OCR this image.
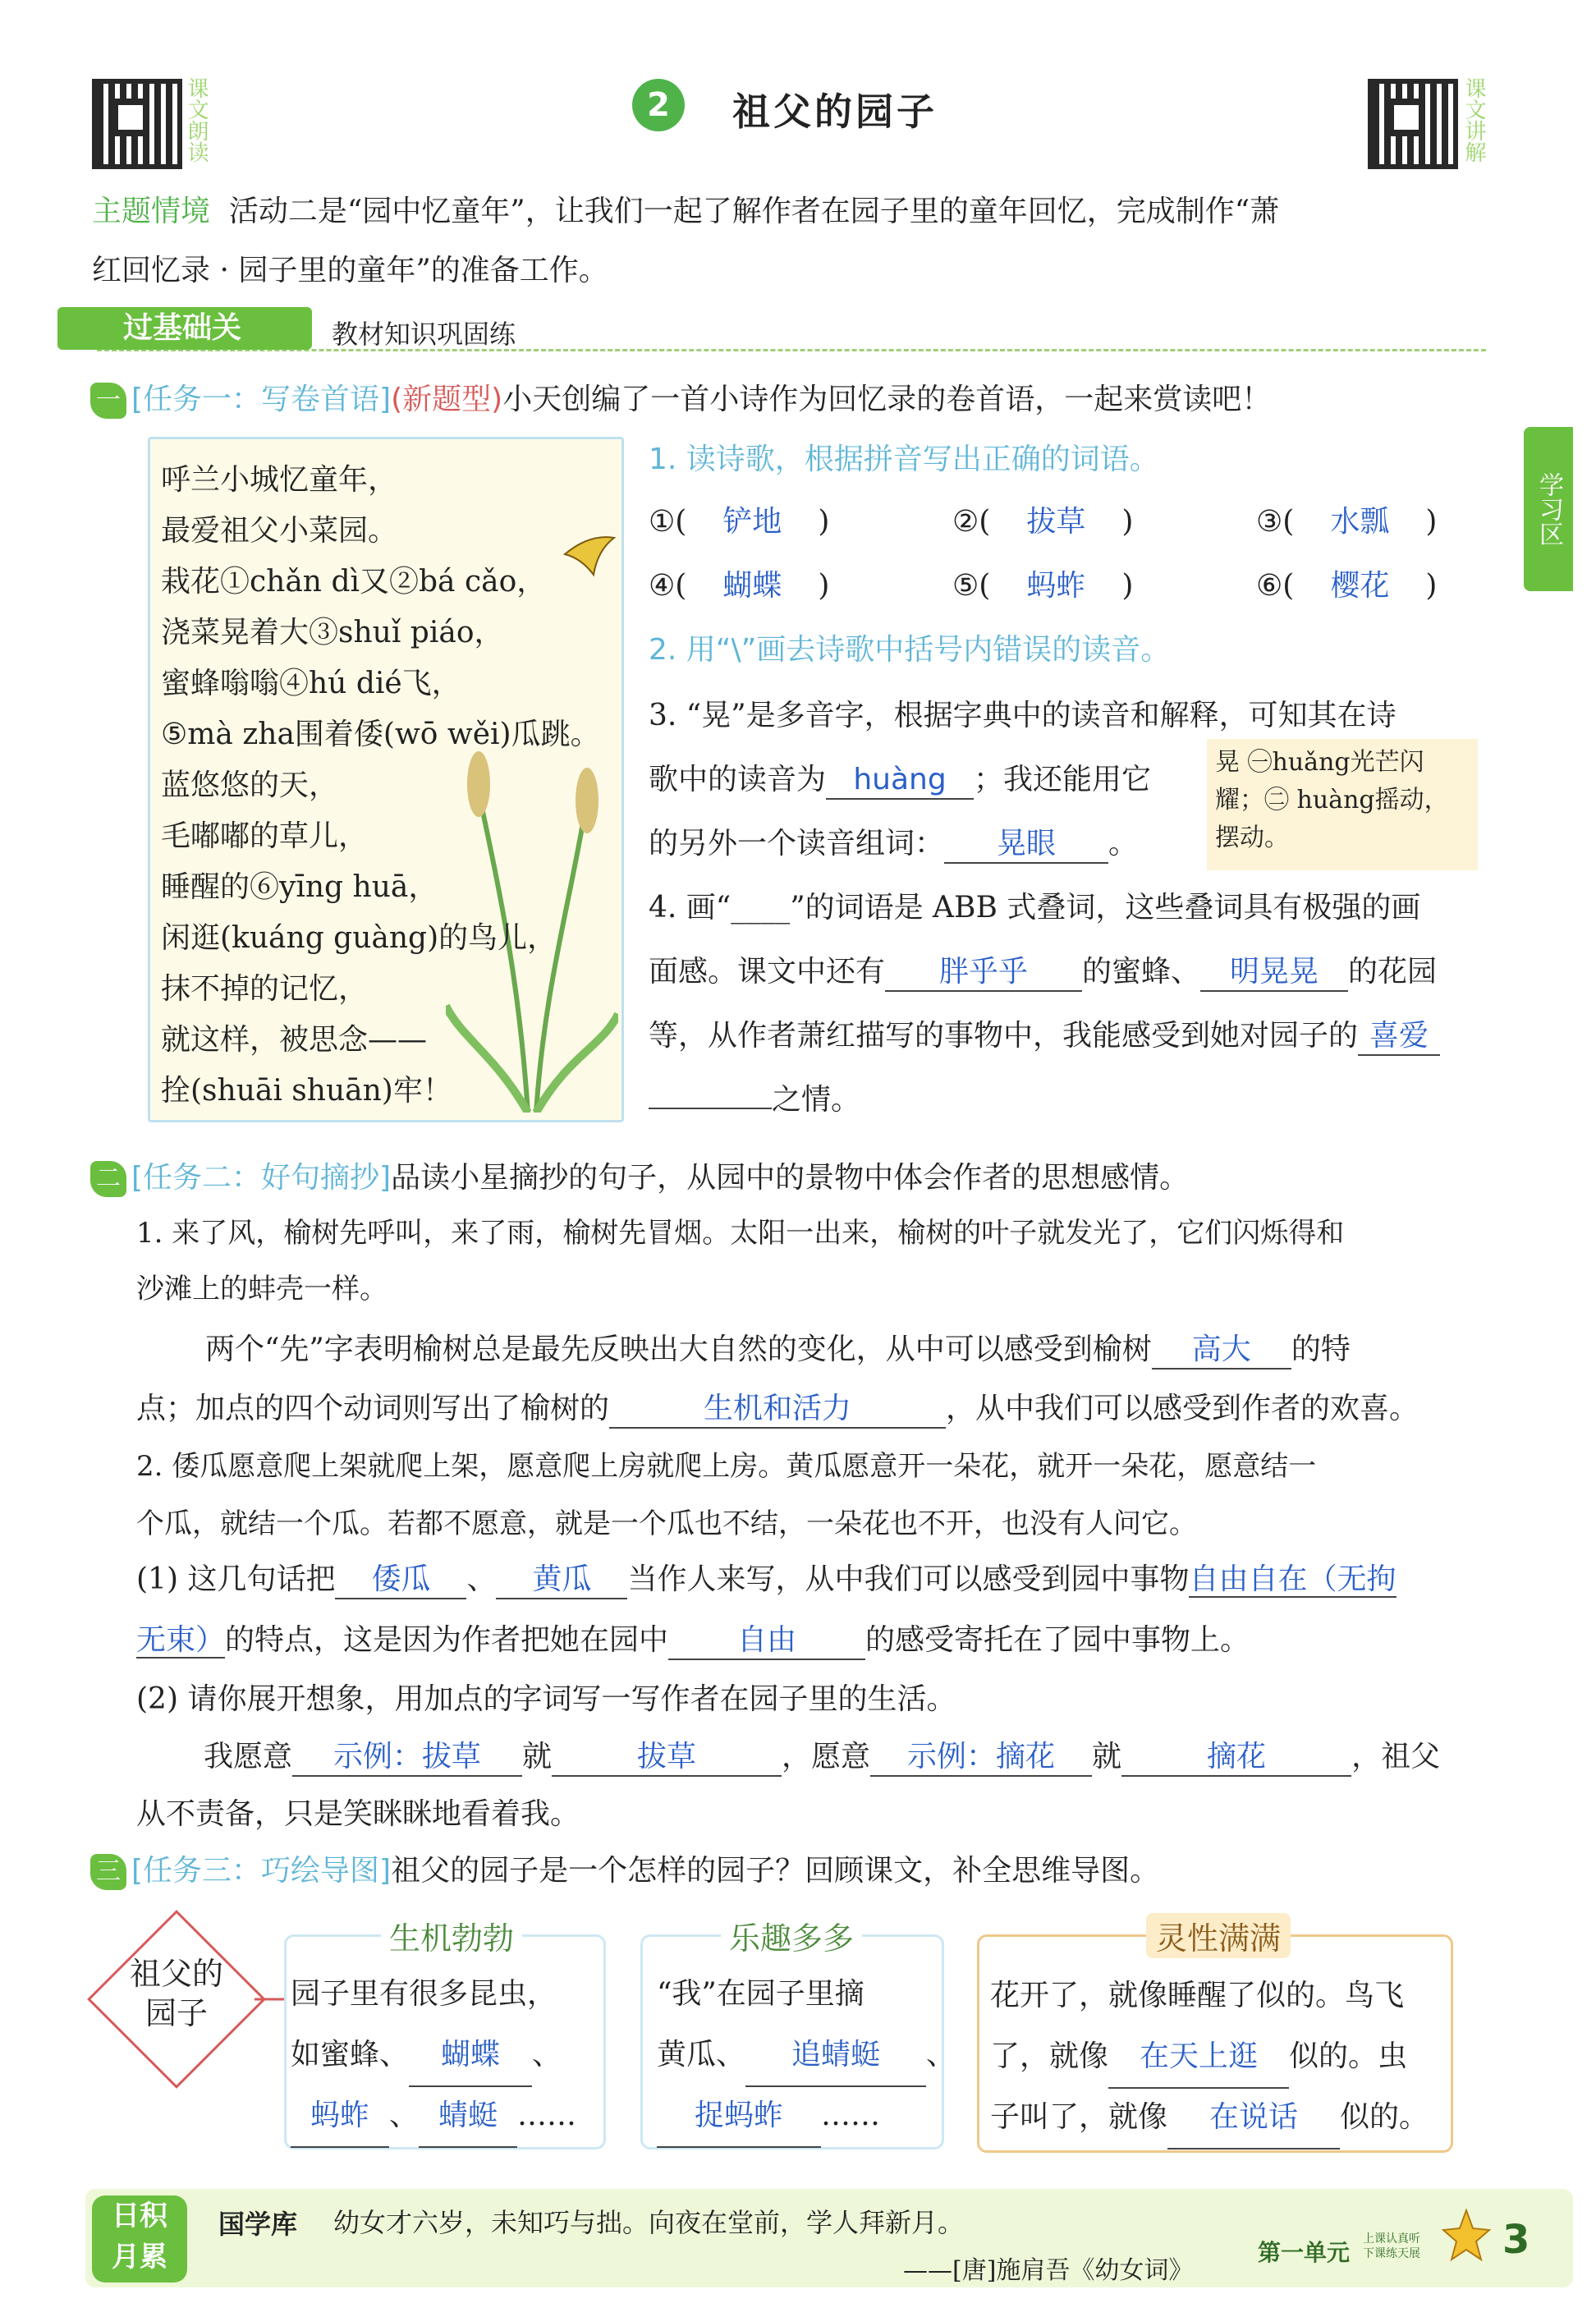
课文朗读	课文讲解
2	祖父的园子
主题情境 活动二是“园中忆童年”，让我们一起了解作者在园子里的童年回忆，完成制作“萧
红回忆录 · 园子里的童年”的准备工作。
过基础关	教材知识巩固练
学习区
一 [任务一：写卷首语](新题型)小天创编了一首小诗作为回忆录的卷首语，一起来赏读吧！
呼兰小城忆童年，
最爱祖父小菜园。
栽花①chǎn dì又②bá cǎo，
浇菜晃着大③shuǐ piáo，
蜜蜂嗡嗡④hú dié飞，
⑤mà zha围着倭(wō wěi)瓜跳。
蓝悠悠的天，
毛嘟嘟的草儿，
睡醒的⑥yīng huā，
闲逛(kuáng guàng)的鸟儿，
抹不掉的记忆，
就这样，被思念——
拴(shuāi shuān)牢！
1. 读诗歌，根据拼音写出正确的词语。
①( 铲地 )	②( 拔草 )	③( 水瓢 )
④( 蝴蝶 )	⑤( 蚂蚱 )	⑥( 樱花 )
2. 用“\”画去诗歌中括号内错误的读音。
3. “晃”是多音字，根据字典中的读音和解释，可知其在诗
歌中的读音为 huàng ；我还能用它
的另外一个读音组词： 晃眼 。
晃 ㊀huǎng光芒闪耀；㊁ huàng摇动，摆动。
4. 画“____”的词语是 ABB 式叠词，这些叠词具有极强的画
面感。课文中还有 胖乎乎 的蜜蜂、 明晃晃 的花园
等，从作者萧红描写的事物中，我能感受到她对园子的 喜爱
之情。
二 [任务二：好句摘抄]品读小星摘抄的句子，从园中的景物中体会作者的思想感情。
1. 来了风，榆树先呼叫，来了雨，榆树先冒烟。太阳一出来，榆树的叶子就发光了，它们闪烁得和
沙滩上的蚌壳一样。
两个“先”字表明榆树总是最先反映出大自然的变化，从中可以感受到榆树 高大 的特
点；加点的四个动词则写出了榆树的	生机和活力	，从中我们可以感受到作者的欢喜。
2. 倭瓜愿意爬上架就爬上架，愿意爬上房就爬上房。黄瓜愿意开一朵花，就开一朵花，愿意结一
个瓜，就结一个瓜。若都不愿意，就是一个瓜也不结，一朵花也不开，也没有人问它。
(1) 这几句话把 倭瓜 、 黄瓜 当作人来写，从中我们可以感受到园中事物自由自在（无拘
无束）的特点，这是因为作者把她在园中 自由 的感受寄托在了园中事物上。
(2) 请你展开想象，用加点的字词写一写作者在园子里的生活。
我愿意 示例：拔草 就	拔草	，愿意 示例：摘花 就	摘花	，祖父
从不责备，只是笑眯眯地看着我。
三 [任务三：巧绘导图]祖父的园子是一个怎样的园子？回顾课文，补全思维导图。
祖父的园子
生机勃勃
园子里有很多昆虫，
如蜜蜂、 蝴蝶 、
蚂蚱 、 蜻蜓 ……
乐趣多多
“我”在园子里摘
黄瓜、 追蜻蜓 、
捉蚂蚱 ……
灵性满满
花开了，就像睡醒了似的。鸟飞
了，就像 在天上逛 似的。虫
子叫了，就像 在说话 似的。
日积
月累
国学库 幼女才六岁，未知巧与拙。向夜在堂前，学人拜新月。
——[唐]施肩吾《幼女词》
第一单元 上课认真听
下课练天展 3
